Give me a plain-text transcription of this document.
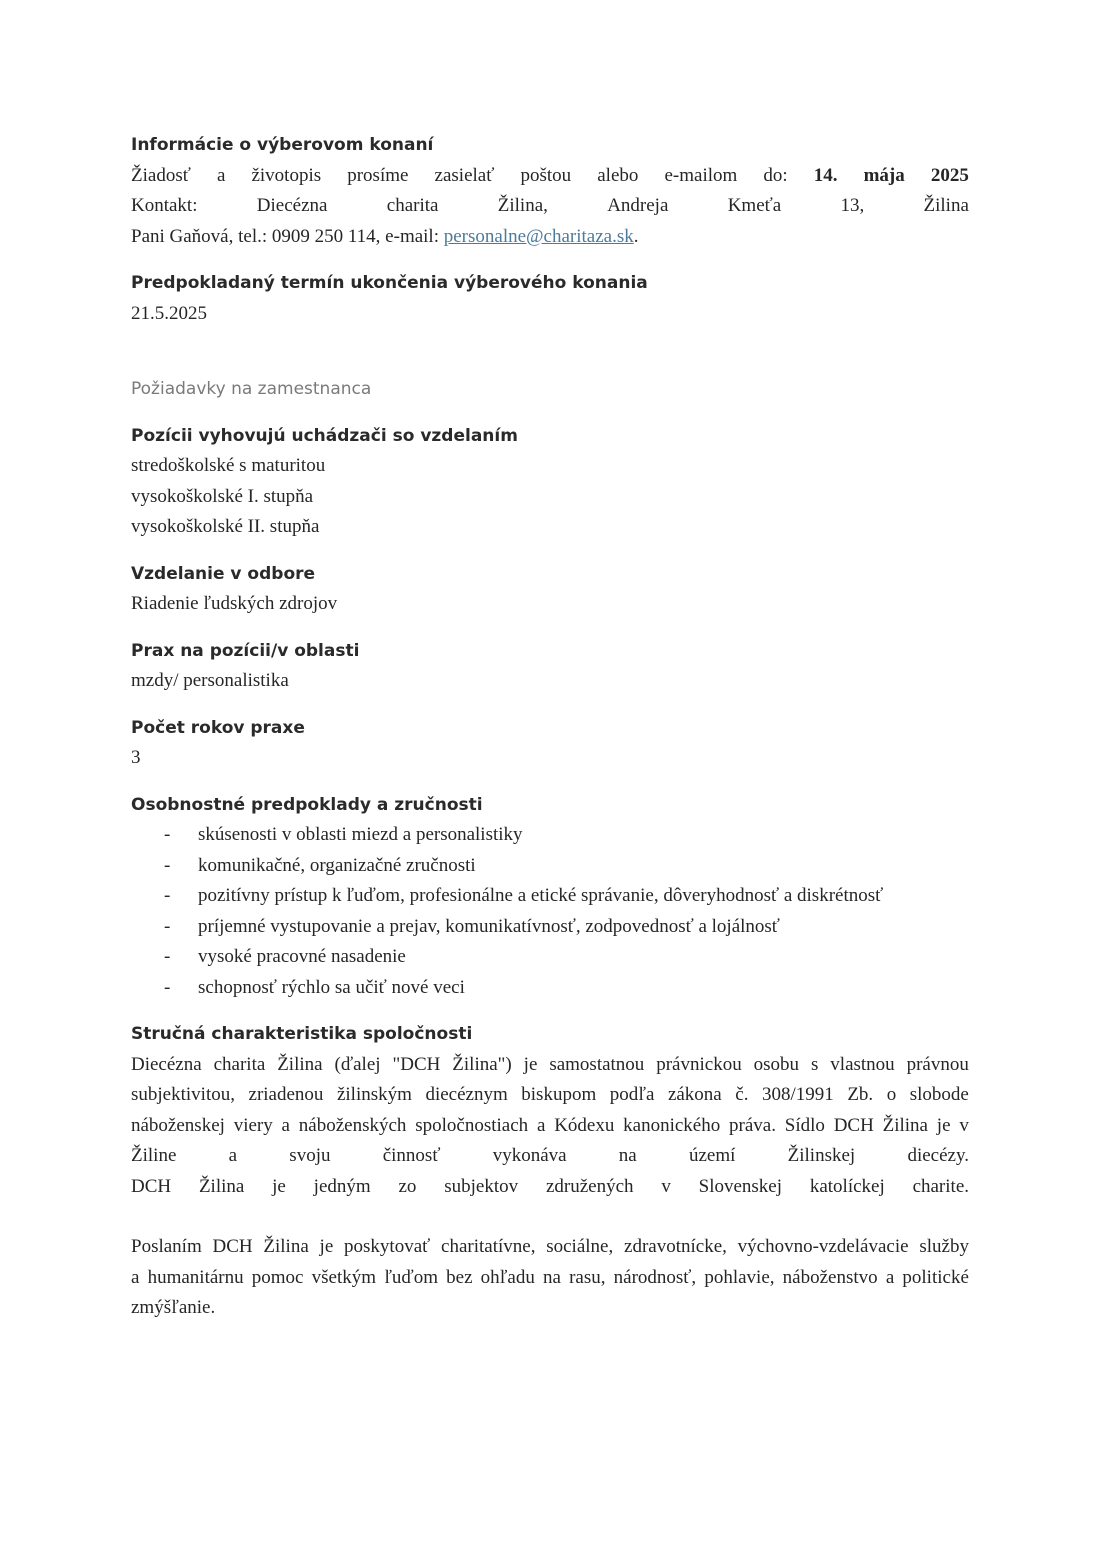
Informácie o výberovom konaní
Žiadosť a životopis prosíme zasielať poštou alebo e-mailom do: 14. mája 2025
Kontakt:	Diecézna	charita	Žilina,	Andreja	Kmeťa	13,	Žilina
Pani Gaňová, tel.: 0909 250 114, e-mail: personalne@charitaza.sk.
Predpokladaný termín ukončenia výberového konania
21.5.2025
Požiadavky na zamestnanca
Pozícii vyhovujú uchádzači so vzdelaním
stredoškolské s maturitou
vysokoškolské I. stupňa
vysokoškolské II. stupňa
Vzdelanie v odbore
Riadenie ľudských zdrojov
Prax na pozícii/v oblasti
mzdy/ personalistika
Počet rokov praxe
3
Osobnostné predpoklady a zručnosti
- skúsenosti v oblasti miezd a personalistiky
- komunikačné, organizačné zručnosti
- pozitívny prístup k ľuďom, profesionálne a etické správanie, dôveryhodnosť a diskrétnosť
- príjemné vystupovanie a prejav, komunikatívnosť, zodpovednosť a lojálnosť
- vysoké pracovné nasadenie
- schopnosť rýchlo sa učiť nové veci
Stručná charakteristika spoločnosti
Diecézna charita Žilina (ďalej "DCH Žilina") je samostatnou právnickou osobu s vlastnou právnou
subjektivitou, zriadenou žilinským diecéznym biskupom podľa zákona č. 308/1991 Zb. o slobode
náboženskej viery a náboženských spoločnostiach a Kódexu kanonického práva. Sídlo DCH Žilina je v
Žiline	a	svoju	činnosť	vykonáva	na	území	Žilinskej	diecézy.
DCH Žilina je jedným zo subjektov združených v Slovenskej katolíckej charite.
Poslaním DCH Žilina je poskytovať charitatívne, sociálne, zdravotnícke, výchovno-vzdelávacie služby
a humanitárnu pomoc všetkým ľuďom bez ohľadu na rasu, národnosť, pohlavie, náboženstvo a politické
zmýšľanie.
